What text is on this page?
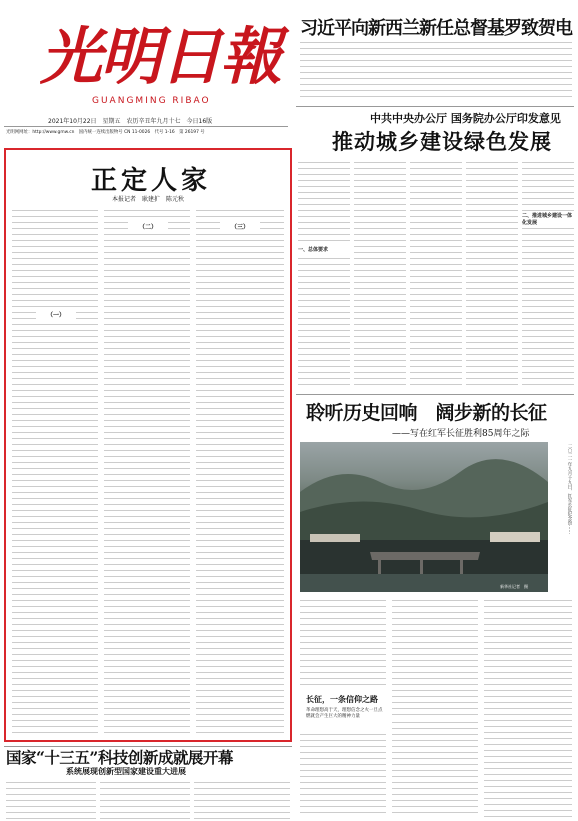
光明日報
GUANGMING RIBAO
2021年10月22日　星期五　农历辛丑年九月十七　今日16版
光明网网址：http://www.gmw.cn　国内统一连续出版物号 CN 11-0026　代号 1-16　第 26197 号
习近平向新西兰新任总督基罗致贺电
中共中央办公厅 国务院办公厅印发意见
推动城乡建设绿色发展
一、总体要求
二、推进城乡建设一体化发展
正定人家
本报记者　耿建扩　陈元秋
（一）
（二）	（三）
聆听历史回响　阔步新的长征
——写在红军长征胜利85周年之际
二〇二一年九月十九日，红军长征纪念馆……
新华社记者　摄
长征，一条信仰之路
革命理想高于天，理想信念之火一旦点燃就会产生巨大的精神力量
国家“十三五”科技创新成就展开幕
系统展现创新型国家建设重大进展
